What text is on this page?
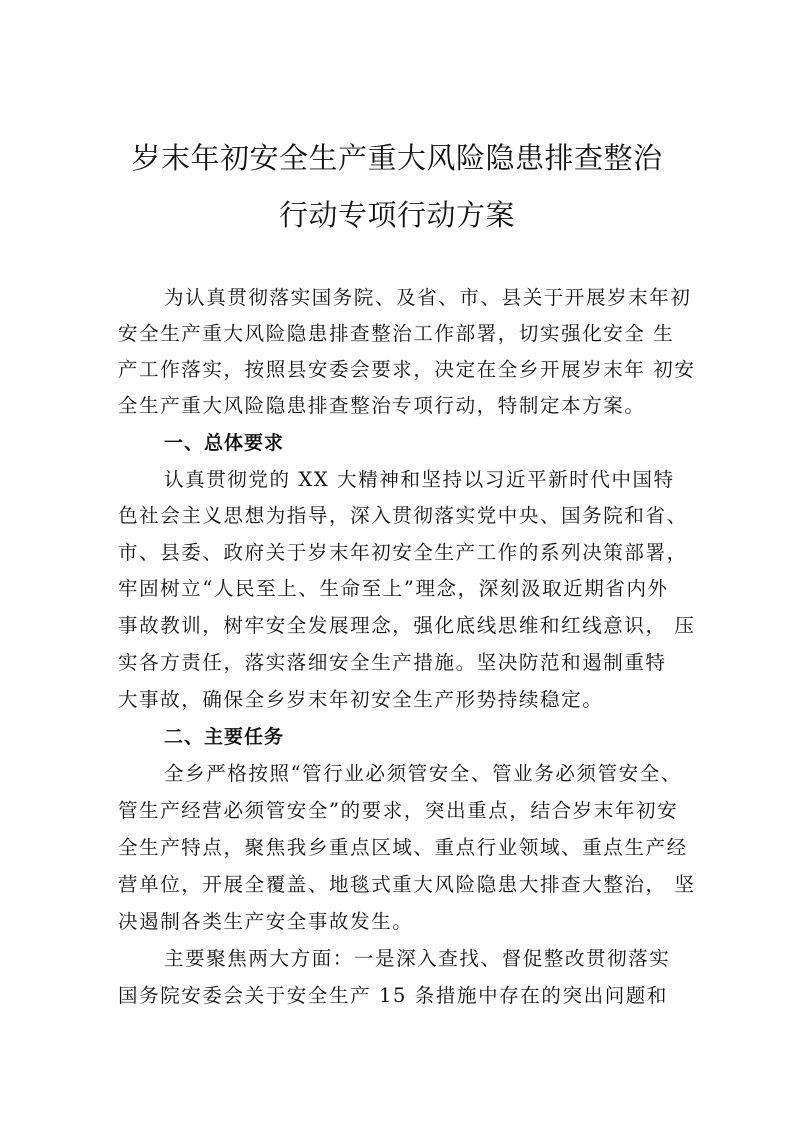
岁末年初安全生产重大风险隐患排查整治
行动专项行动方案
为认真贯彻落实国务院、及省、市、县关于开展岁末年初
安全生产重大风险隐患排查整治工作部署，切实强化安全 生
产工作落实，按照县安委会要求，决定在全乡开展岁末年 初安
全生产重大风险隐患排查整治专项行动，特制定本方案。
一、总体要求
认真贯彻党的 XX 大精神和坚持以习近平新时代中国特
色社会主义思想为指导，深入贯彻落实党中央、国务院和省、
市、县委、政府关于岁末年初安全生产工作的系列决策部署，
牢固树立“人民至上、生命至上”理念，深刻汲取近期省内外
事故教训，树牢安全发展理念，强化底线思维和红线意识， 压
实各方责任，落实落细安全生产措施。坚决防范和遏制重特
大事故，确保全乡岁末年初安全生产形势持续稳定。
二、主要任务
全乡严格按照“管行业必须管安全、管业务必须管安全、
管生产经营必须管安全”的要求，突出重点，结合岁末年初安
全生产特点，聚焦我乡重点区域、重点行业领域、重点生产经
营单位，开展全覆盖、地毯式重大风险隐患大排查大整治， 坚
决遏制各类生产安全事故发生。
主要聚焦两大方面：一是深入查找、督促整改贯彻落实
国务院安委会关于安全生产 15 条措施中存在的突出问题和
